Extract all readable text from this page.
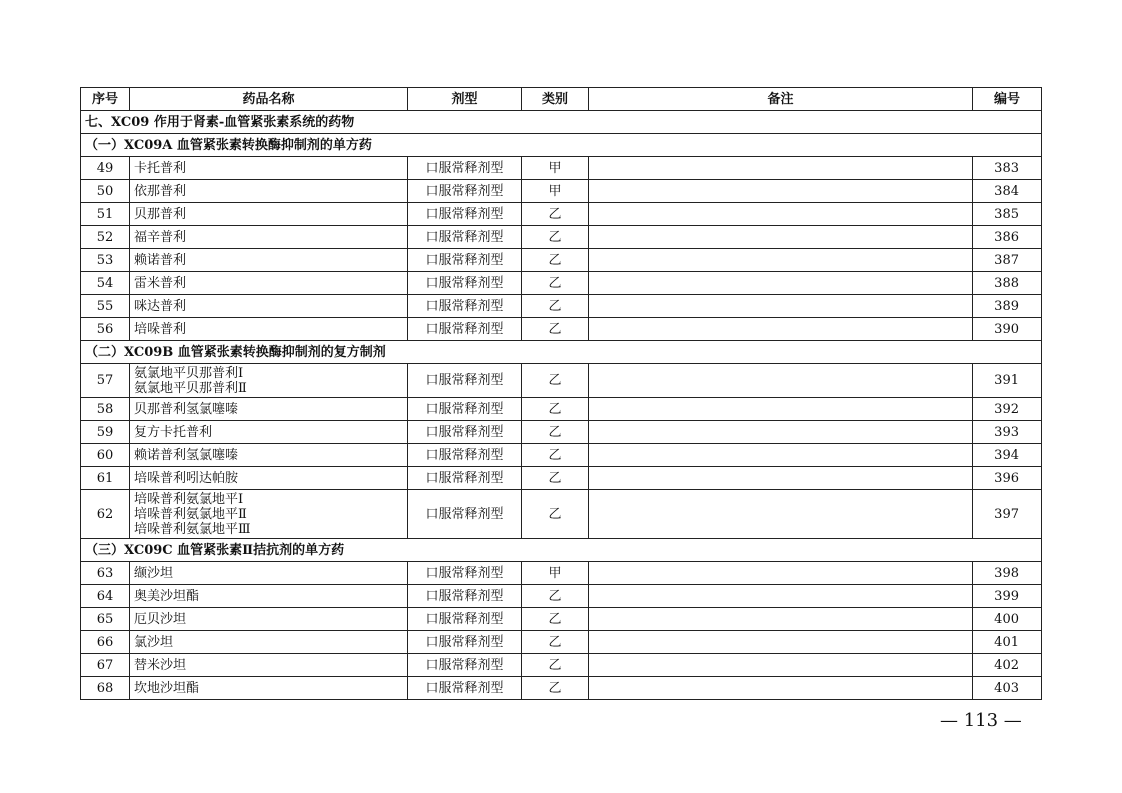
序号	药品名称	剂型	类别	备注	编号
七、XC09 作用于肾素-血管紧张素系统的药物					
（一）XC09A 血管紧张素转换酶抑制剂的单方药					
49	卡托普利	口服常释剂型	甲		383
50	依那普利	口服常释剂型	甲		384
51	贝那普利	口服常释剂型	乙		385
52	福辛普利	口服常释剂型	乙		386
53	赖诺普利	口服常释剂型	乙		387
54	雷米普利	口服常释剂型	乙		388
55	咪达普利	口服常释剂型	乙		389
56	培哚普利	口服常释剂型	乙		390
（二）XC09B 血管紧张素转换酶抑制剂的复方制剂					
57	氨氯地平贝那普利Ⅰ
氨氯地平贝那普利Ⅱ	口服常释剂型	乙		391
58	贝那普利氢氯噻嗪	口服常释剂型	乙		392
59	复方卡托普利	口服常释剂型	乙		393
60	赖诺普利氢氯噻嗪	口服常释剂型	乙		394
61	培哚普利吲达帕胺	口服常释剂型	乙		396
62	培哚普利氨氯地平Ⅰ
培哚普利氨氯地平Ⅱ
培哚普利氨氯地平Ⅲ	口服常释剂型	乙		397
（三）XC09C 血管紧张素Ⅱ拮抗剂的单方药					
63	缬沙坦	口服常释剂型	甲		398
64	奥美沙坦酯	口服常释剂型	乙		399
65	厄贝沙坦	口服常释剂型	乙		400
66	氯沙坦	口服常释剂型	乙		401
67	替米沙坦	口服常释剂型	乙		402
68	坎地沙坦酯	口服常释剂型	乙		403
— 113 —
